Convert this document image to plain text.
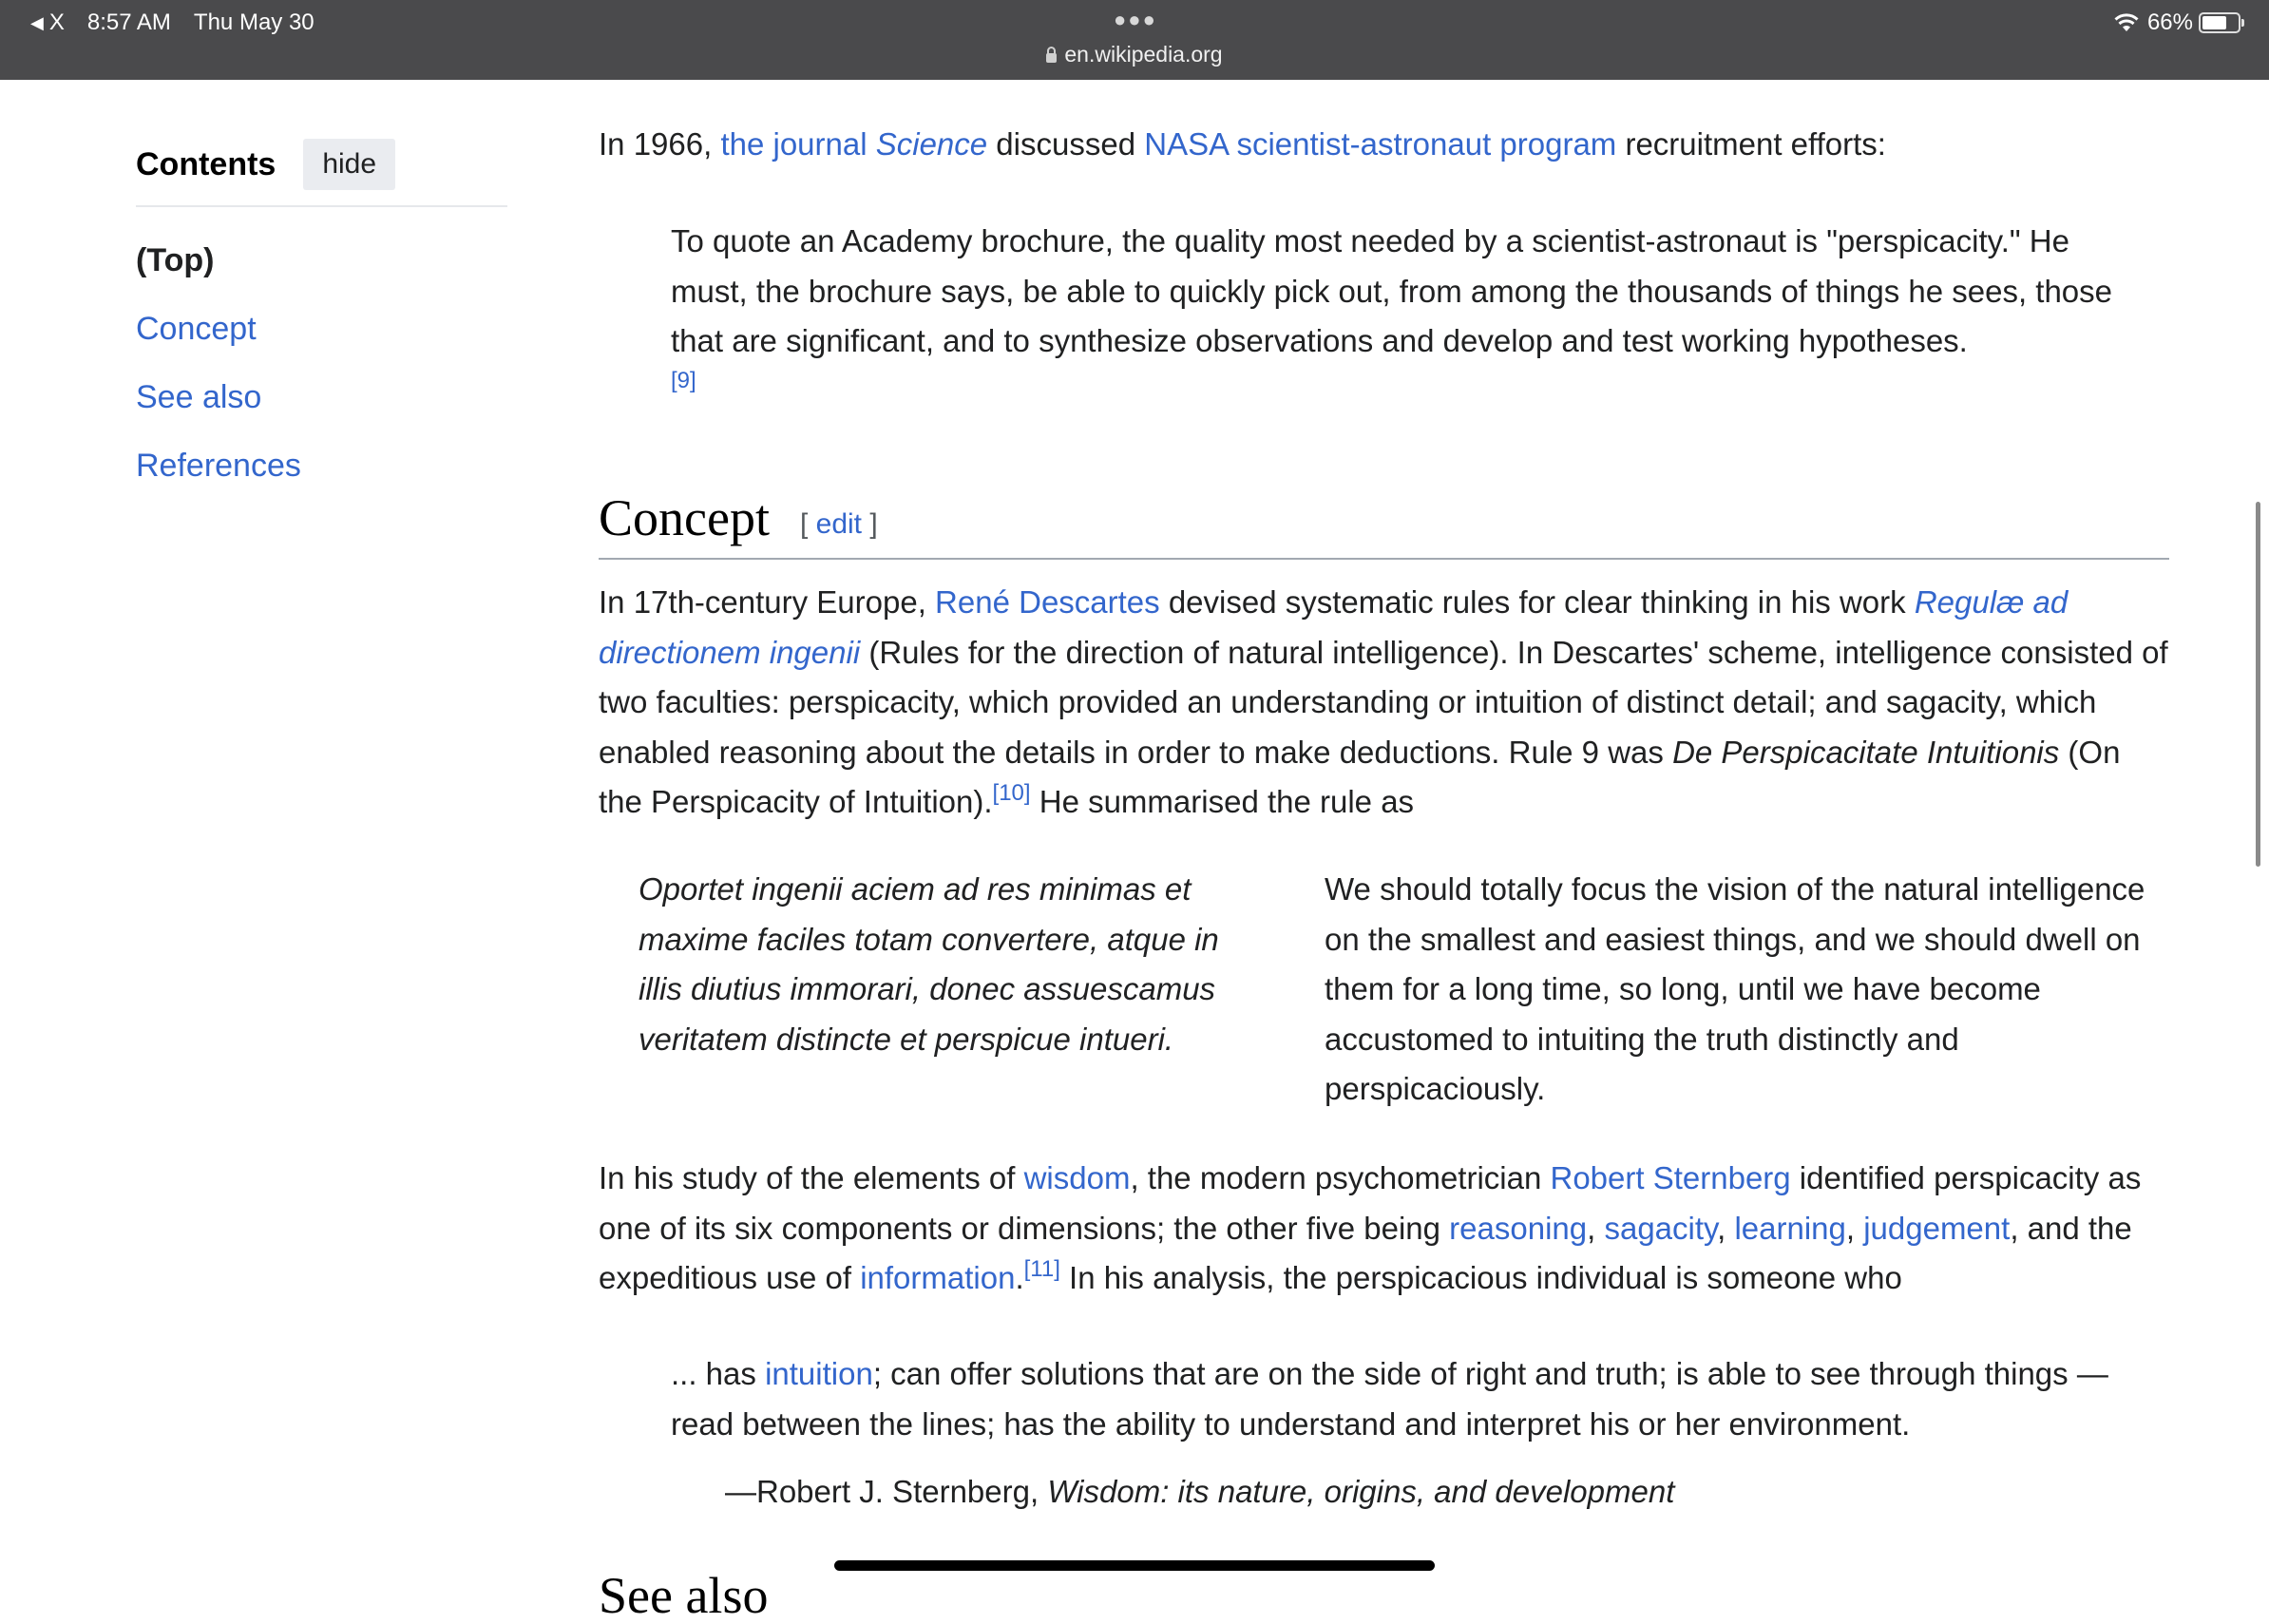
◀ X 8:57 AM Thu May 30	●●●
en.wikipedia.org
66%
Contents	hide
(Top)
Concept
See also
References

In 1966, the journal Science discussed NASA scientist-astronaut program recruitment efforts:

To quote an Academy brochure, the quality most needed by a scientist-astronaut is "perspicacity." He must, the brochure says, be able to quickly pick out, from among the thousands of things he sees, those that are significant, and to synthesize observations and develop and test working hypotheses.
[9]
Concept [ edit ]

In 17th-century Europe, René Descartes devised systematic rules for clear thinking in his work Regulæ ad directionem ingenii (Rules for the direction of natural intelligence). In Descartes' scheme, intelligence consisted of two faculties: perspicacity, which provided an understanding or intuition of distinct detail; and sagacity, which enabled reasoning about the details in order to make deductions. Rule 9 was De Perspicacitate Intuitionis (On the Perspicacity of Intuition).[10] He summarised the rule as

Oportet ingenii aciem ad res minimas et maxime faciles totam convertere, atque in illis diutius immorari, donec assuescamus veritatem distincte et perspicue intueri.
We should totally focus the vision of the natural intelligence on the smallest and easiest things, and we should dwell on them for a long time, so long, until we have become accustomed to intuiting the truth distinctly and perspicaciously.

In his study of the elements of wisdom, the modern psychometrician Robert Sternberg identified perspicacity as one of its six components or dimensions; the other five being reasoning, sagacity, learning, judgement, and the expeditious use of information.[11] In his analysis, the perspicacious individual is someone who

... has intuition; can offer solutions that are on the side of right and truth; is able to see through things —read between the lines; has the ability to understand and interpret his or her environment.
—Robert J. Sternberg, Wisdom: its nature, origins, and development
See also
